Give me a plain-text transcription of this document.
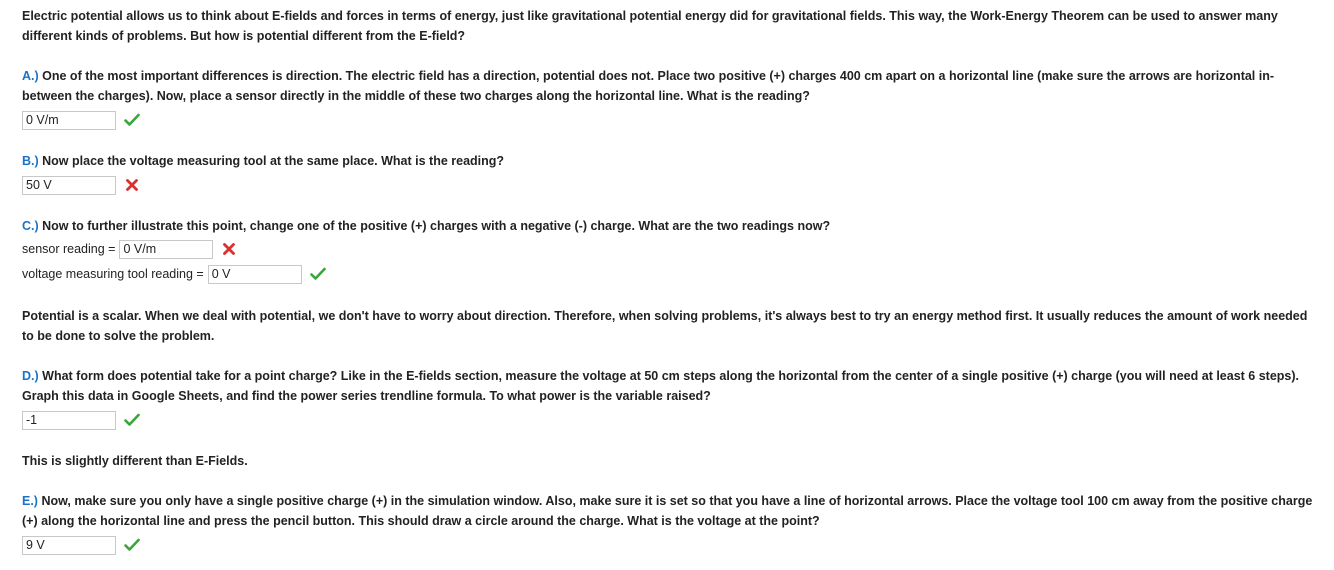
Electric potential allows us to think about E-fields and forces in terms of energy, just like gravitational potential energy did for gravitational fields. This way, the Work-Energy Theorem can be used to answer many different kinds of problems. But how is potential different from the E-field?

A.) One of the most important differences is direction. The electric field has a direction, potential does not. Place two positive (+) charges 400 cm apart on a horizontal line (make sure the arrows are horizontal in-between the charges). Now, place a sensor directly in the middle of these two charges along the horizontal line. What is the reading?

0 V/m

B.) Now place the voltage measuring tool at the same place. What is the reading?

50 V

C.) Now to further illustrate this point, change one of the positive (+) charges with a negative (-) charge. What are the two readings now?

sensor reading =
0 V/m
voltage measuring tool reading =
0 V

Potential is a scalar. When we deal with potential, we don't have to worry about direction. Therefore, when solving problems, it's always best to try an energy method first. It usually reduces the amount of work needed to be done to solve the problem.

D.) What form does potential take for a point charge? Like in the E-fields section, measure the voltage at 50 cm steps along the horizontal from the center of a single positive (+) charge (you will need at least 6 steps). Graph this data in Google Sheets, and find the power series trendline formula. To what power is the variable raised?

-1

This is slightly different than E-Fields.

E.) Now, make sure you only have a single positive charge (+) in the simulation window. Also, make sure it is set so that you have a line of horizontal arrows. Place the voltage tool 100 cm away from the positive charge (+) along the horizontal line and press the pencil button. This should draw a circle around the charge. What is the voltage at the point?

9 V
